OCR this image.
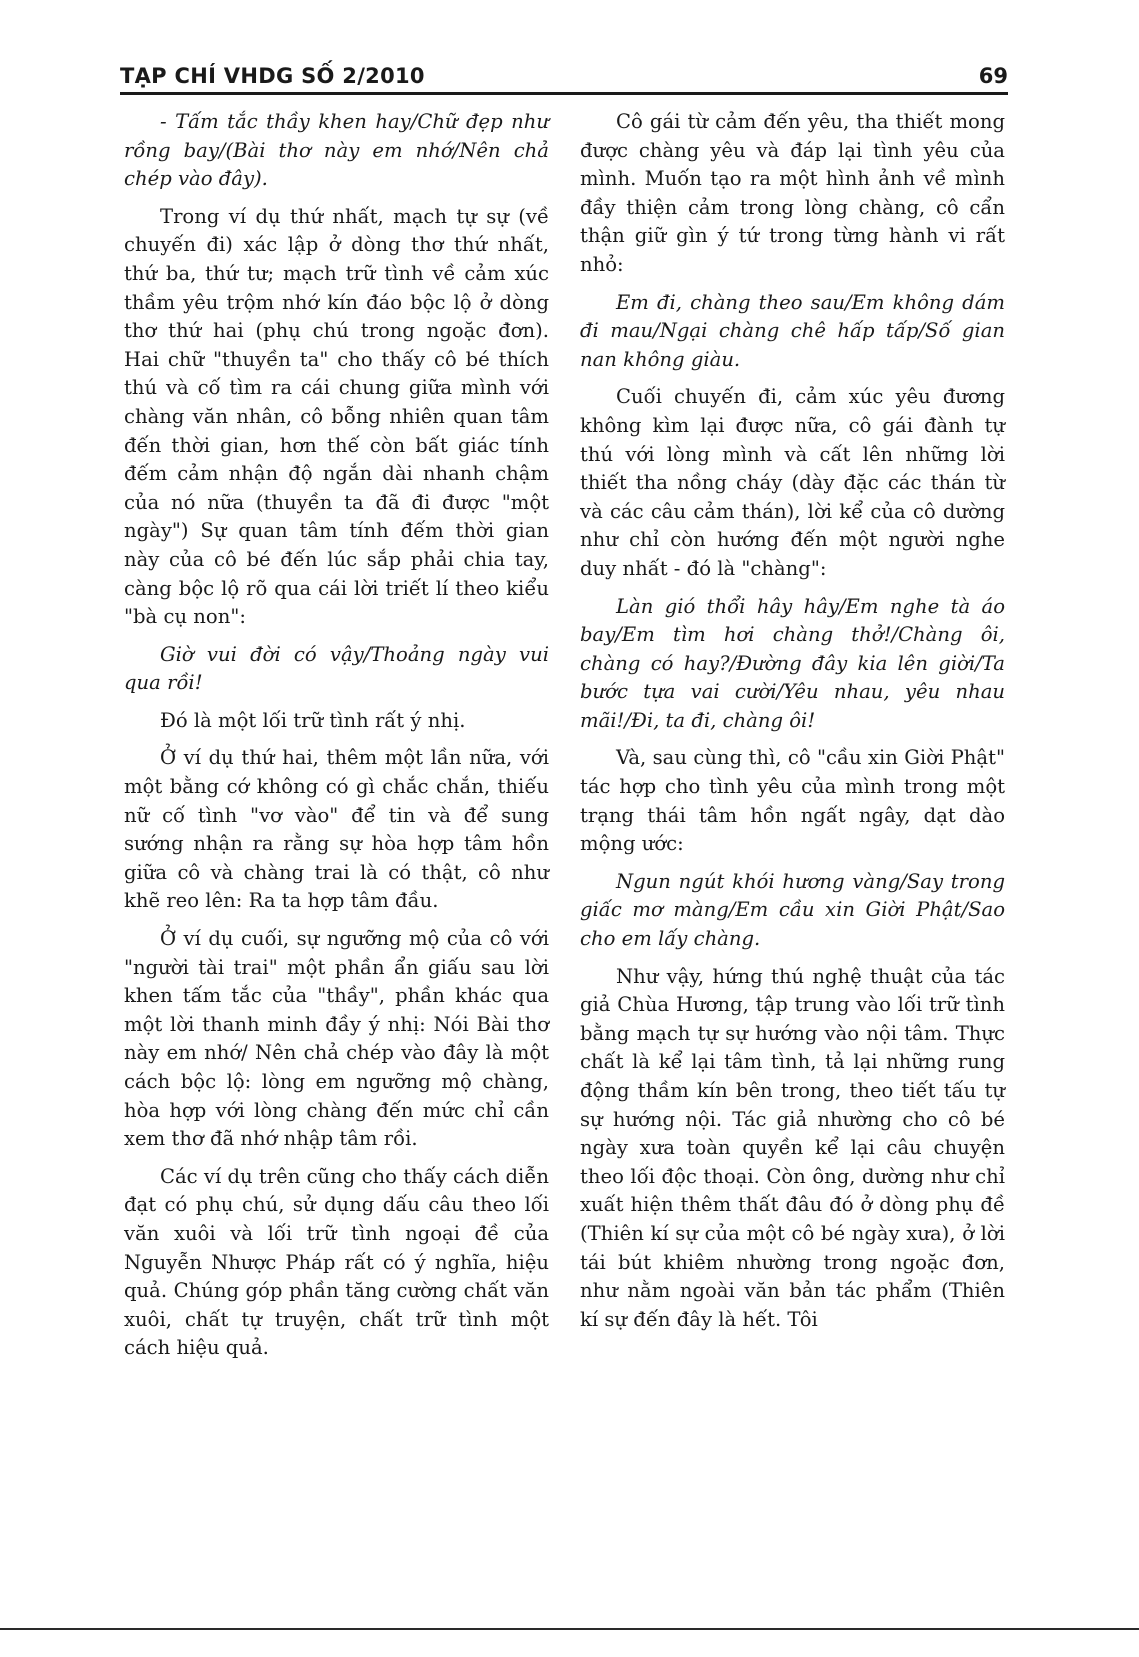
TẠP CHÍ VHDG SỐ 2/2010	69

- Tấm tắc thầy khen hay/Chữ đẹp như rồng bay/(Bài thơ này em nhớ/Nên chả chép vào đây).

Trong ví dụ thứ nhất, mạch tự sự (về chuyến đi) xác lập ở dòng thơ thứ nhất, thứ ba, thứ tư; mạch trữ tình về cảm xúc thầm yêu trộm nhớ kín đáo bộc lộ ở dòng thơ thứ hai (phụ chú trong ngoặc đơn). Hai chữ "thuyền ta" cho thấy cô bé thích thú và cố tìm ra cái chung giữa mình với chàng văn nhân, cô bỗng nhiên quan tâm đến thời gian, hơn thế còn bất giác tính đếm cảm nhận độ ngắn dài nhanh chậm của nó nữa (thuyền ta đã đi được "một ngày") Sự quan tâm tính đếm thời gian này của cô bé đến lúc sắp phải chia tay, càng bộc lộ rõ qua cái lời triết lí theo kiểu "bà cụ non":

Giờ vui đời có vậy/Thoảng ngày vui qua rồi!

Đó là một lối trữ tình rất ý nhị.

Ở ví dụ thứ hai, thêm một lần nữa, với một bằng cớ không có gì chắc chắn, thiếu nữ cố tình "vơ vào" để tin và để sung sướng nhận ra rằng sự hòa hợp tâm hồn giữa cô và chàng trai là có thật, cô như khẽ reo lên: Ra ta hợp tâm đầu.

Ở ví dụ cuối, sự ngưỡng mộ của cô với "người tài trai" một phần ẩn giấu sau lời khen tấm tắc của "thầy", phần khác qua một lời thanh minh đầy ý nhị: Nói Bài thơ này em nhớ/ Nên chả chép vào đây là một cách bộc lộ: lòng em ngưỡng mộ chàng, hòa hợp với lòng chàng đến mức chỉ cần xem thơ đã nhớ nhập tâm rồi.

Các ví dụ trên cũng cho thấy cách diễn đạt có phụ chú, sử dụng dấu câu theo lối văn xuôi và lối trữ tình ngoại đề của Nguyễn Nhược Pháp rất có ý nghĩa, hiệu quả. Chúng góp phần tăng cường chất văn xuôi, chất tự truyện, chất trữ tình một cách hiệu quả.

Cô gái từ cảm đến yêu, tha thiết mong được chàng yêu và đáp lại tình yêu của mình. Muốn tạo ra một hình ảnh về mình đầy thiện cảm trong lòng chàng, cô cẩn thận giữ gìn ý tứ trong từng hành vi rất nhỏ:

Em đi, chàng theo sau/Em không dám đi mau/Ngại chàng chê hấp tấp/Số gian nan không giàu.

Cuối chuyến đi, cảm xúc yêu đương không kìm lại được nữa, cô gái đành tự thú với lòng mình và cất lên những lời thiết tha nồng cháy (dày đặc các thán từ và các câu cảm thán), lời kể của cô dường như chỉ còn hướng đến một người nghe duy nhất - đó là "chàng":

Làn gió thổi hây hây/Em nghe tà áo bay/Em tìm hơi chàng thở!/Chàng ôi, chàng có hay?/Đường đây kia lên giời/Ta bước tựa vai cười/Yêu nhau, yêu nhau mãi!/Đi, ta đi, chàng ôi!

Và, sau cùng thì, cô "cầu xin Giời Phật" tác hợp cho tình yêu của mình trong một trạng thái tâm hồn ngất ngây, dạt dào mộng ước:

Ngun ngút khói hương vàng/Say trong giấc mơ màng/Em cầu xin Giời Phật/Sao cho em lấy chàng.

Như vậy, hứng thú nghệ thuật của tác giả Chùa Hương, tập trung vào lối trữ tình bằng mạch tự sự hướng vào nội tâm. Thực chất là kể lại tâm tình, tả lại những rung động thầm kín bên trong, theo tiết tấu tự sự hướng nội. Tác giả nhường cho cô bé ngày xưa toàn quyền kể lại câu chuyện theo lối độc thoại. Còn ông, dường như chỉ xuất hiện thêm thất đâu đó ở dòng phụ đề (Thiên kí sự của một cô bé ngày xưa), ở lời tái bút khiêm nhường trong ngoặc đơn, như nằm ngoài văn bản tác phẩm (Thiên kí sự đến đây là hết. Tôi
